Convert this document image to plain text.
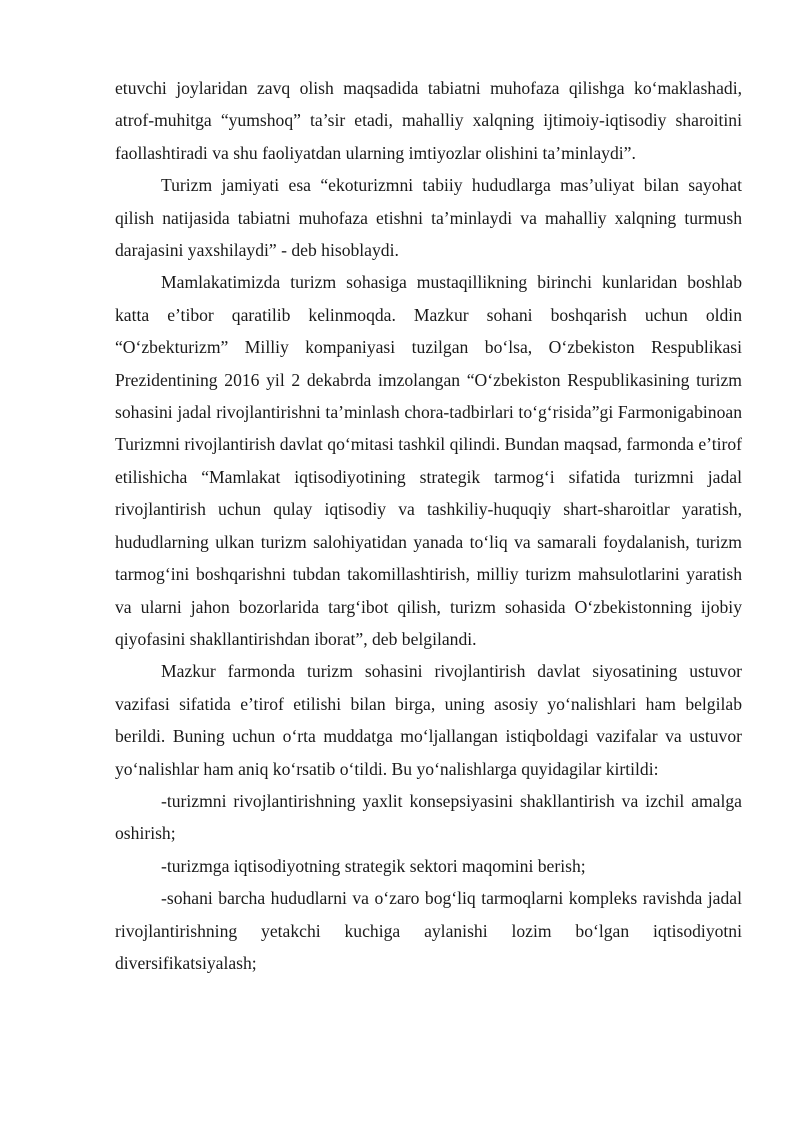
etuvchi joylaridan zavq olish maqsadida tabiatni muhofaza qilishga ko‘maklashadi, atrof-muhitga “yumshoq” ta’sir etadi, mahalliy xalqning ijtimoiy-iqtisodiy sharoitini faollashtiradi va shu faoliyatdan ularning imtiyozlar olishini ta’minlaydi”.

Turizm jamiyati esa “ekoturizmni tabiiy hududlarga mas’uliyat bilan sayohat qilish natijasida tabiatni muhofaza etishni ta’minlaydi va mahalliy xalqning turmush darajasini yaxshilaydi” - deb hisoblaydi.

Mamlakatimizda turizm sohasiga mustaqillikning birinchi kunlaridan boshlab katta e’tibor qaratilib kelinmoqda. Mazkur sohani boshqarish uchun oldin “O‘zbekturizm” Milliy kompaniyasi tuzilgan bo‘lsa, O‘zbekiston Respublikasi Prezidentining 2016 yil 2 dekabrda imzolangan “O‘zbekiston Respublikasining turizm sohasini jadal rivojlantirishni ta’minlash chora-tadbirlari to‘g‘risida”gi Farmonigabinoan Turizmni rivojlantirish davlat qo‘mitasi tashkil qilindi. Bundan maqsad, farmonda e’tirof etilishicha “Mamlakat iqtisodiyotining strategik tarmog‘i sifatida turizmni jadal rivojlantirish uchun qulay iqtisodiy va tashkiliy-huquqiy shart-sharoitlar yaratish, hududlarning ulkan turizm salohiyatidan yanada to‘liq va samarali foydalanish, turizm tarmog‘ini boshqarishni tubdan takomillashtirish, milliy turizm mahsulotlarini yaratish va ularni jahon bozorlarida targ‘ibot qilish, turizm sohasida O‘zbekistonning ijobiy qiyofasini shakllantirishdan iborat”, deb belgilandi.

Mazkur farmonda turizm sohasini rivojlantirish davlat siyosatining ustuvor vazifasi sifatida e’tirof etilishi bilan birga, uning asosiy yo‘nalishlari ham belgilab berildi. Buning uchun o‘rta muddatga mo‘ljallangan istiqboldagi vazifalar va ustuvor yo‘nalishlar ham aniq ko‘rsatib o‘tildi. Bu yo‘nalishlarga quyidagilar kirtildi:

-turizmni rivojlantirishning yaxlit konsepsiyasini shakllantirish va izchil amalga oshirish;

-turizmga iqtisodiyotning strategik sektori maqomini berish;

-sohani barcha hududlarni va o‘zaro bog‘liq tarmoqlarni kompleks ravishda jadal rivojlantirishning yetakchi kuchiga aylanishi lozim bo‘lgan iqtisodiyotni diversifikatsiyalash;
